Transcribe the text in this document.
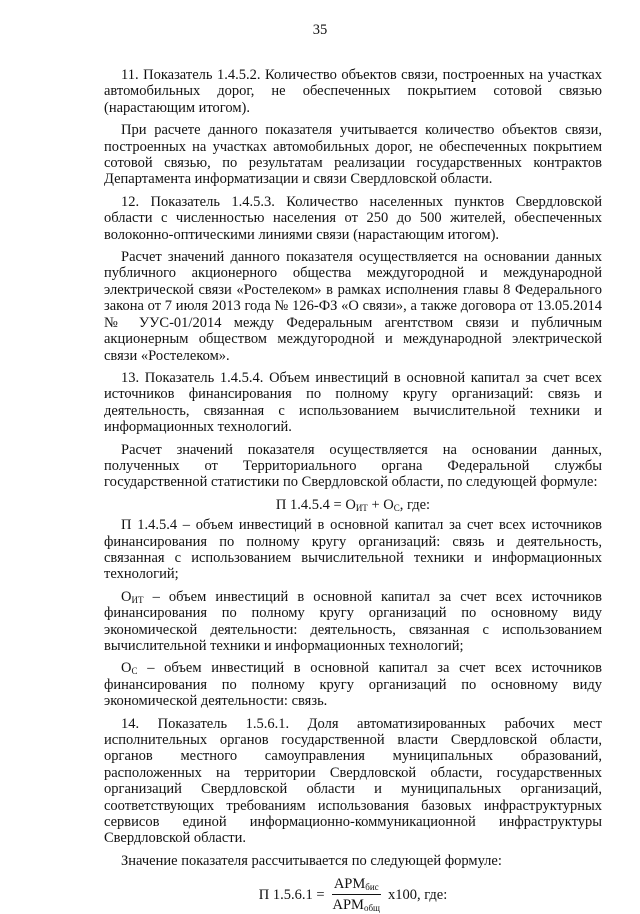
35

11. Показатель 1.4.5.2. Количество объектов связи, построенных на участках автомобильных дорог, не обеспеченных покрытием сотовой связью (нарастающим итогом).

При расчете данного показателя учитывается количество объектов связи, построенных на участках автомобильных дорог, не обеспеченных покрытием сотовой связью, по результатам реализации государственных контрактов Департамента информатизации и связи Свердловской области.

12. Показатель 1.4.5.3. Количество населенных пунктов Свердловской области с численностью населения от 250 до 500 жителей, обеспеченных волоконно-оптическими линиями связи (нарастающим итогом).

Расчет значений данного показателя осуществляется на основании данных публичного акционерного общества междугородной и международной электрической связи «Ростелеком» в рамках исполнения главы 8 Федерального закона от 7 июля 2013 года № 126-ФЗ «О связи», а также договора от 13.05.2014 № УУС-01/2014 между Федеральным агентством связи и публичным акционерным обществом междугородной и международной электрической связи «Ростелеком».

13. Показатель 1.4.5.4. Объем инвестиций в основной капитал за счет всех источников финансирования по полному кругу организаций: связь и деятельность, связанная с использованием вычислительной техники и информационных технологий.

Расчет значений показателя осуществляется на основании данных, полученных от Территориального органа Федеральной службы государственной статистики по Свердловской области, по следующей формуле:

П $1.4.5.4 = О_{ИТ} + О_С$, где:

П 1.4.5.4 – объем инвестиций в основной капитал за счет всех источников финансирования по полному кругу организаций: связь и деятельность, связанная с использованием вычислительной техники и информационных технологий;

$О_{ИТ}$ – объем инвестиций в основной капитал за счет всех источников финансирования по полному кругу организаций по основному виду экономической деятельности: деятельность, связанная с использованием вычислительной техники и информационных технологий;

$О_С$ – объем инвестиций в основной капитал за счет всех источников финансирования по полному кругу организаций по основному виду экономической деятельности: связь.

14. Показатель 1.5.6.1. Доля автоматизированных рабочих мест исполнительных органов государственной власти Свердловской области, органов местного самоуправления муниципальных образований, расположенных на территории Свердловской области, государственных организаций Свердловской области и муниципальных организаций, соответствующих требованиям использования базовых инфраструктурных сервисов единой информационно-коммуникационной инфраструктуры Свердловской области.

Значение показателя рассчитывается по следующей формуле:

П $1.5.6.1 = \frac{АРМ_{бис}}{АРМ_{общ}} х100$, где:
